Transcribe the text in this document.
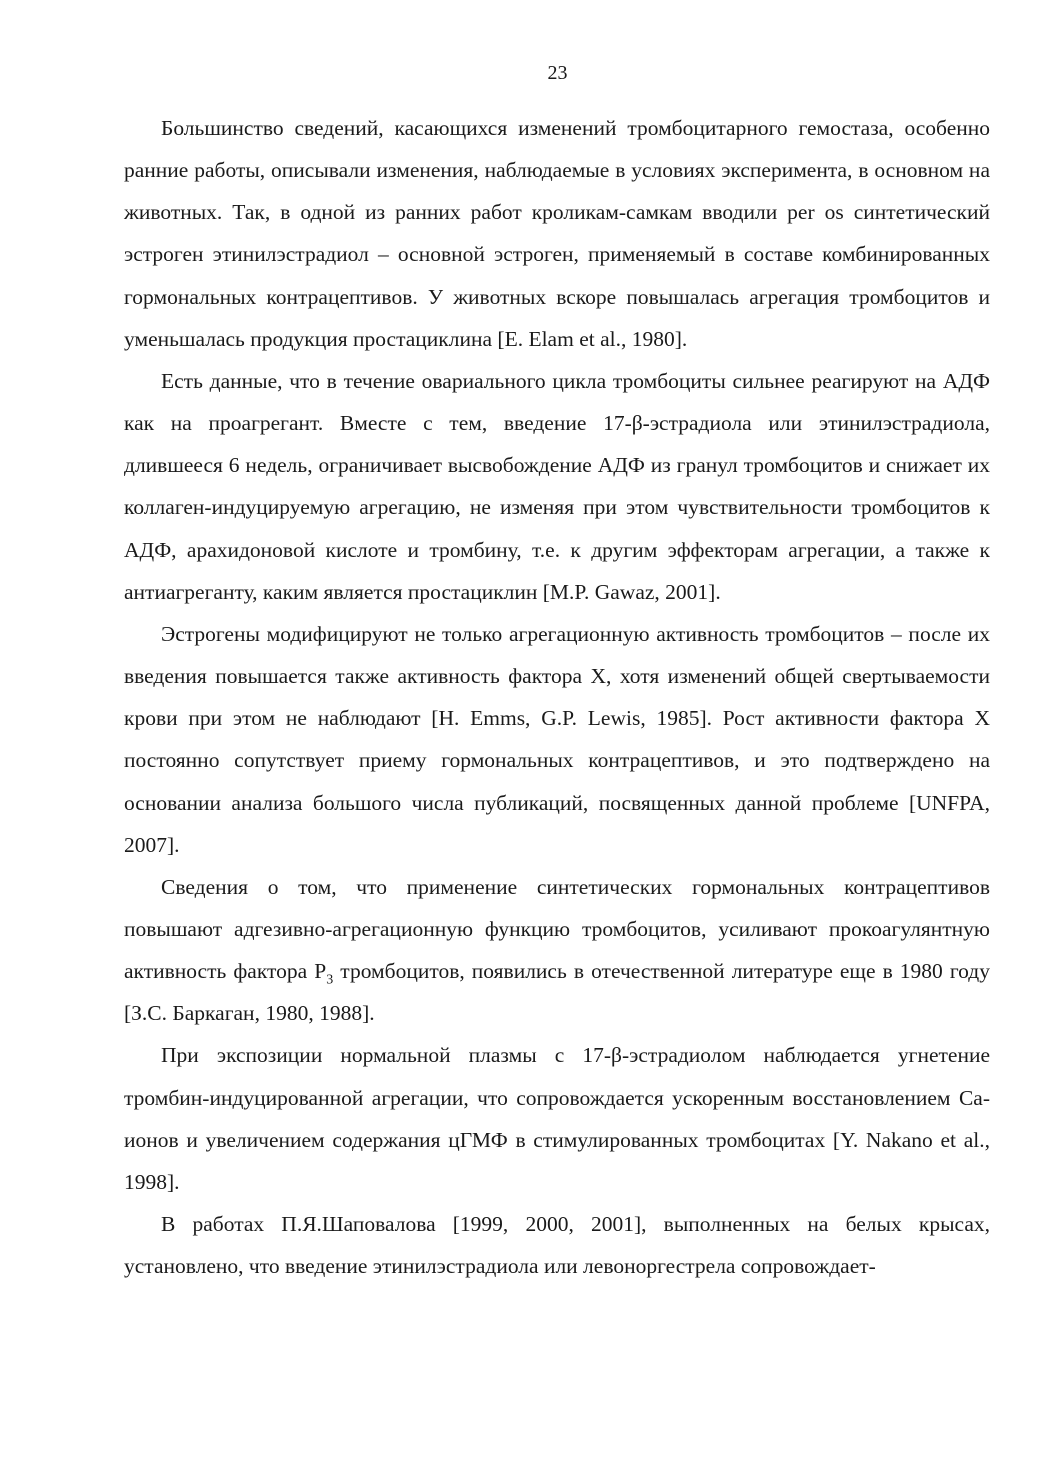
23

Большинство сведений, касающихся изменений тромбоцитарного гемостаза, особенно ранние работы, описывали изменения, наблюдаемые в условиях эксперимента, в основном на животных. Так, в одной из ранних работ кроликам-самкам вводили per os синтетический эстроген этинилэстрадиол – основной эстроген, применяемый в составе комбинированных гормональных контрацептивов. У животных вскоре повышалась агрегация тромбоцитов и уменьшалась продукция простациклина [E. Elam et al., 1980].

Есть данные, что в течение овариального цикла тромбоциты сильнее реагируют на АДФ как на проагрегант. Вместе с тем, введение 17-β-эстрадиола или этинилэстрадиола, длившееся 6 недель, ограничивает высвобождение АДФ из гранул тромбоцитов и снижает их коллаген-индуцируемую агрегацию, не изменяя при этом чувствительности тромбоцитов к АДФ, арахидоновой кислоте и тромбину, т.е. к другим эффекторам агрегации, а также к антиагреганту, каким является простациклин [M.P. Gawaz, 2001].

Эстрогены модифицируют не только агрегационную активность тромбоцитов – после их введения повышается также активность фактора X, хотя изменений общей свертываемости крови при этом не наблюдают [H. Emms, G.P. Lewis, 1985]. Рост активности фактора X постоянно сопутствует приему гормональных контрацептивов, и это подтверждено на основании анализа большого числа публикаций, посвященных данной проблеме [UNFPA, 2007].

Сведения о том, что применение синтетических гормональных контрацептивов повышают адгезивно-агрегационную функцию тромбоцитов, усиливают прокоагулянтную активность фактора $P_3$ тромбоцитов, появились в отечественной литературе еще в 1980 году [З.С. Баркаган, 1980, 1988].

При экспозиции нормальной плазмы с 17-β-эстрадиолом наблюдается угнетение тромбин-индуцированной агрегации, что сопровождается ускоренным восстановлением Ca-ионов и увеличением содержания цГМФ в стимулированных тромбоцитах [Y. Nakano et al., 1998].

В работах П.Я.Шаповалова [1999, 2000, 2001], выполненных на белых крысах, установлено, что введение этинилэстрадиола или левоноргестрела сопровождает-
